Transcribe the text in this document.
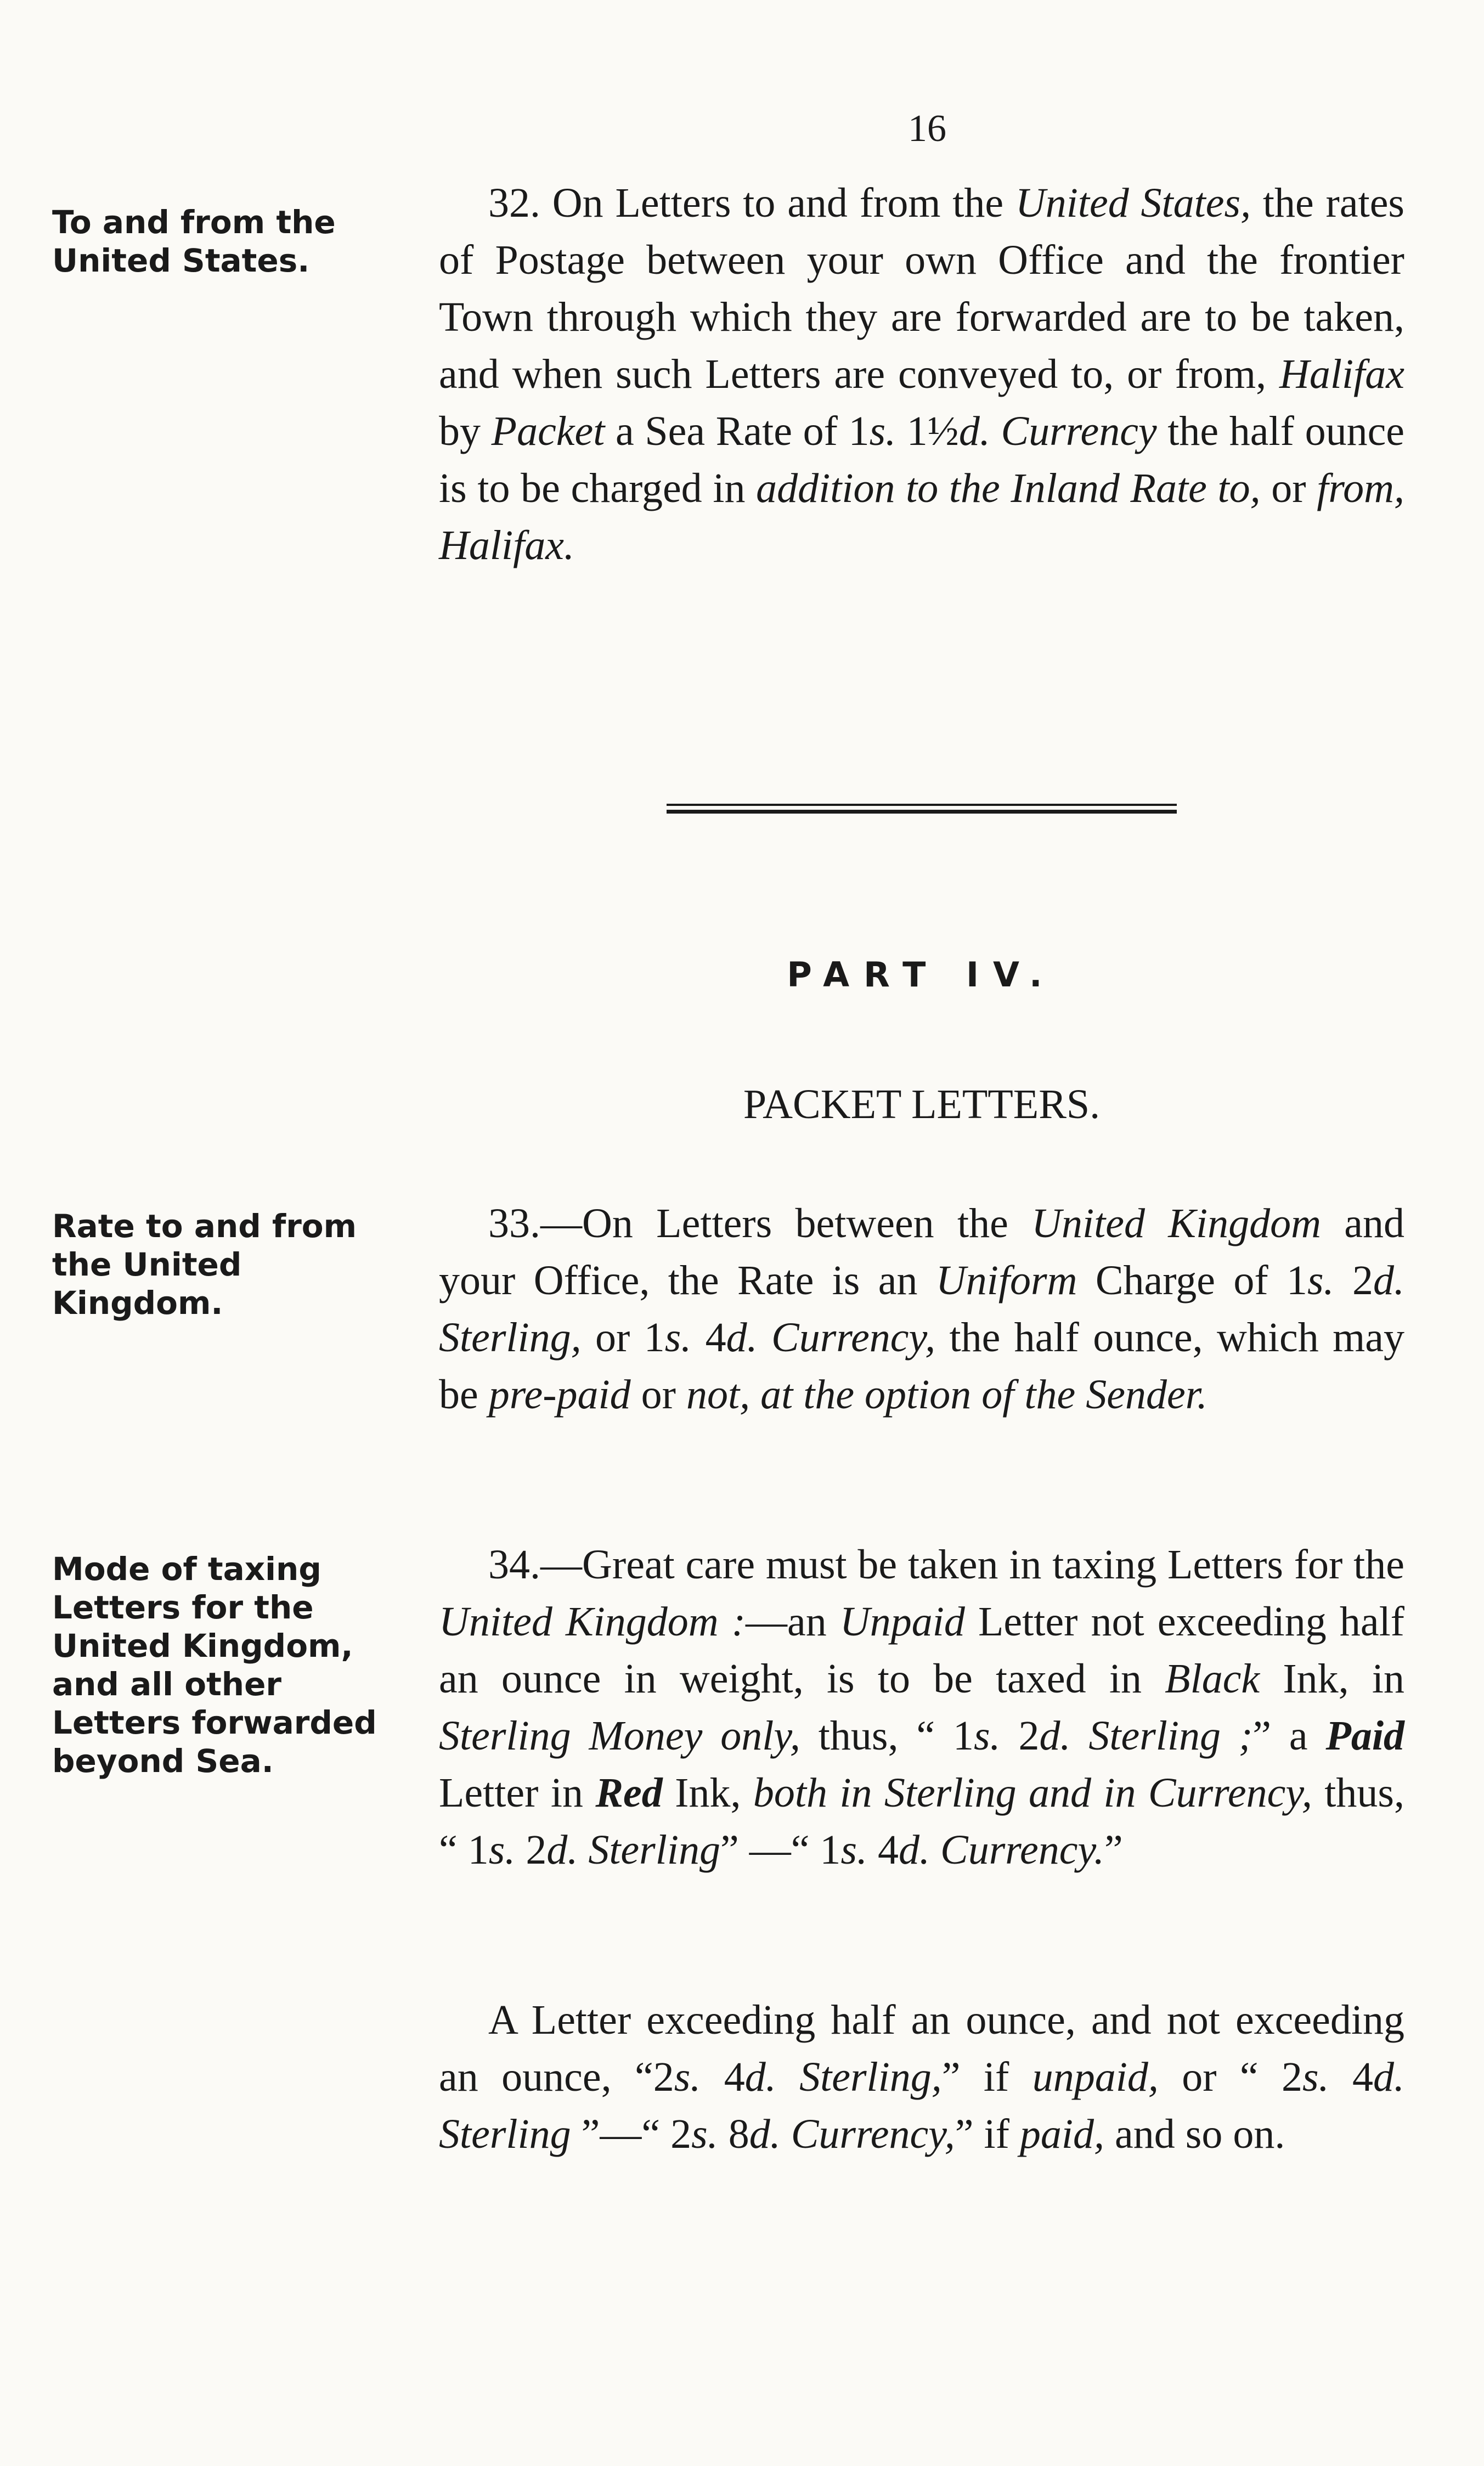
16
To and from the United States.

32. On Letters to and from the United States, the rates of Postage between your own Office and the frontier Town through which they are forwarded are to be taken, and when such Letters are conveyed to, or from, Halifax by Packet a Sea Rate of 1s. 1½d. Currency the half ounce is to be charged in addition to the Inland Rate to, or from, Halifax.

PART IV.
PACKET LETTERS.
Rate to and from the United Kingdom.

33.—On Letters between the United Kingdom and your Office, the Rate is an Uniform Charge of 1s. 2d. Sterling, or 1s. 4d. Currency, the half ounce, which may be pre-paid or not, at the option of the Sender.

Mode of taxing Letters for the United Kingdom, and all other Letters forwarded beyond Sea.

34.—Great care must be taken in taxing Letters for the United Kingdom :—an Unpaid Letter not exceeding half an ounce in weight, is to be taxed in Black Ink, in Sterling Money only, thus, “ 1s. 2d. Sterling ;” a Paid Letter in Red Ink, both in Sterling and in Currency, thus, “ 1s. 2d. Sterling” —“ 1s. 4d. Currency.”

A Letter exceeding half an ounce, and not exceeding an ounce, “2s. 4d. Sterling,” if unpaid, or “ 2s. 4d. Sterling ”—“ 2s. 8d. Currency,” if paid, and so on.
